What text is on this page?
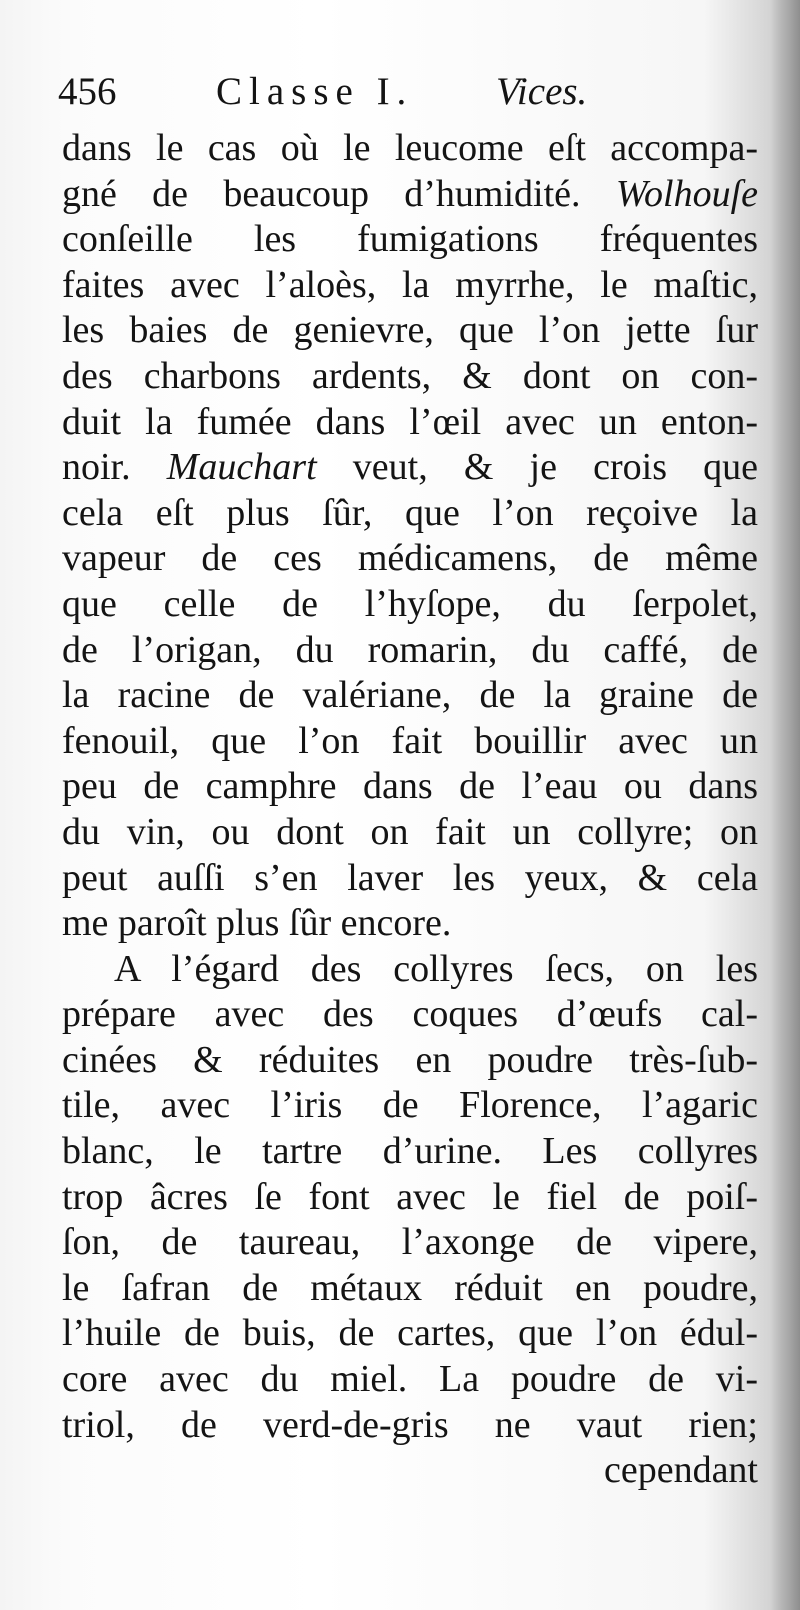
456	Classe I. Vices.
dans le cas où le leucome eſt accompa-
gné de beaucoup d’humidité. Wolhouſe
conſeille les fumigations fréquentes
faites avec l’aloès, la myrrhe, le maſtic,
les baies de genievre, que l’on jette ſur
des charbons ardents, & dont on con-
duit la fumée dans l’œil avec un enton-
noir. Mauchart veut, & je crois que
cela eſt plus ſûr, que l’on reçoive la
vapeur de ces médicamens, de même
que celle de l’hyſope, du ſerpolet,
de l’origan, du romarin, du caffé, de
la racine de valériane, de la graine de
fenouil, que l’on fait bouillir avec un
peu de camphre dans de l’eau ou dans
du vin, ou dont on fait un collyre; on
peut auſſi s’en laver les yeux, & cela
me paroît plus ſûr encore.
A l’égard des collyres ſecs, on les
prépare avec des coques d’œufs cal-
cinées & réduites en poudre très-ſub-
tile, avec l’iris de Florence, l’agaric
blanc, le tartre d’urine. Les collyres
trop âcres ſe font avec le fiel de poiſ-
ſon, de taureau, l’axonge de vipere,
le ſafran de métaux réduit en poudre,
l’huile de buis, de cartes, que l’on édul-
core avec du miel. La poudre de vi-
triol, de verd-de-gris ne vaut rien;
cependant
